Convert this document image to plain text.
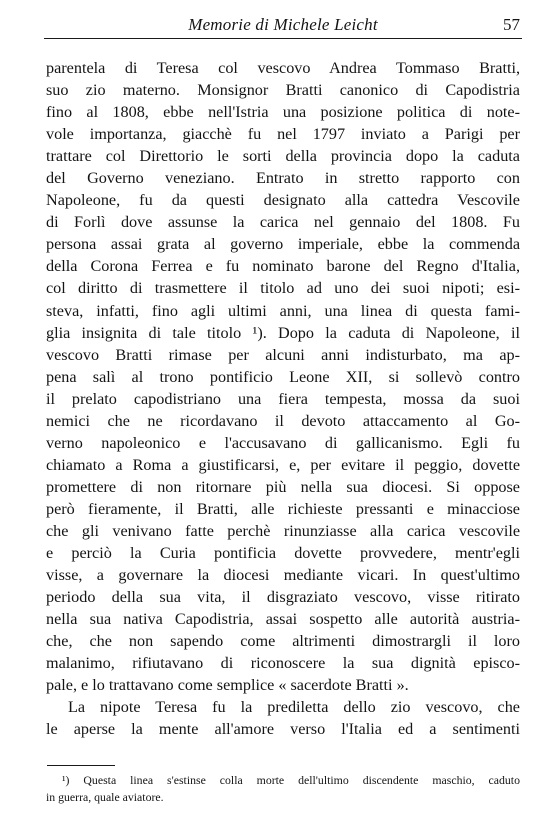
Memorie di Michele Leicht	57
parentela di Teresa col vescovo Andrea Tommaso Bratti,
suo zio materno. Monsignor Bratti canonico di Capodistria
fino al 1808, ebbe nell'Istria una posizione politica di note-
vole importanza, giacchè fu nel 1797 inviato a Parigi per
trattare col Direttorio le sorti della provincia dopo la caduta
del Governo veneziano. Entrato in stretto rapporto con
Napoleone, fu da questi designato alla cattedra Vescovile
di Forlì dove assunse la carica nel gennaio del 1808. Fu
persona assai grata al governo imperiale, ebbe la commenda
della Corona Ferrea e fu nominato barone del Regno d'Italia,
col diritto di trasmettere il titolo ad uno dei suoi nipoti; esi-
steva, infatti, fino agli ultimi anni, una linea di questa fami-
glia insignita di tale titolo ¹). Dopo la caduta di Napoleone, il
vescovo Bratti rimase per alcuni anni indisturbato, ma ap-
pena salì al trono pontificio Leone XII, si sollevò contro
il prelato capodistriano una fiera tempesta, mossa da suoi
nemici che ne ricordavano il devoto attaccamento al Go-
verno napoleonico e l'accusavano di gallicanismo. Egli fu
chiamato a Roma a giustificarsi, e, per evitare il peggio, dovette
promettere di non ritornare più nella sua diocesi. Si oppose
però fieramente, il Bratti, alle richieste pressanti e minacciose
che gli venivano fatte perchè rinunziasse alla carica vescovile
e perciò la Curia pontificia dovette provvedere, mentr'egli
visse, a governare la diocesi mediante vicari. In quest'ultimo
periodo della sua vita, il disgraziato vescovo, visse ritirato
nella sua nativa Capodistria, assai sospetto alle autorità austria-
che, che non sapendo come altrimenti dimostrargli il loro
malanimo, rifiutavano di riconoscere la sua dignità episco-
pale, e lo trattavano come semplice « sacerdote Bratti ».
La nipote Teresa fu la prediletta dello zio vescovo, che
le aperse la mente all'amore verso l'Italia ed a sentimenti
¹) Questa linea s'estinse colla morte dell'ultimo discendente maschio, caduto
in guerra, quale aviatore.
